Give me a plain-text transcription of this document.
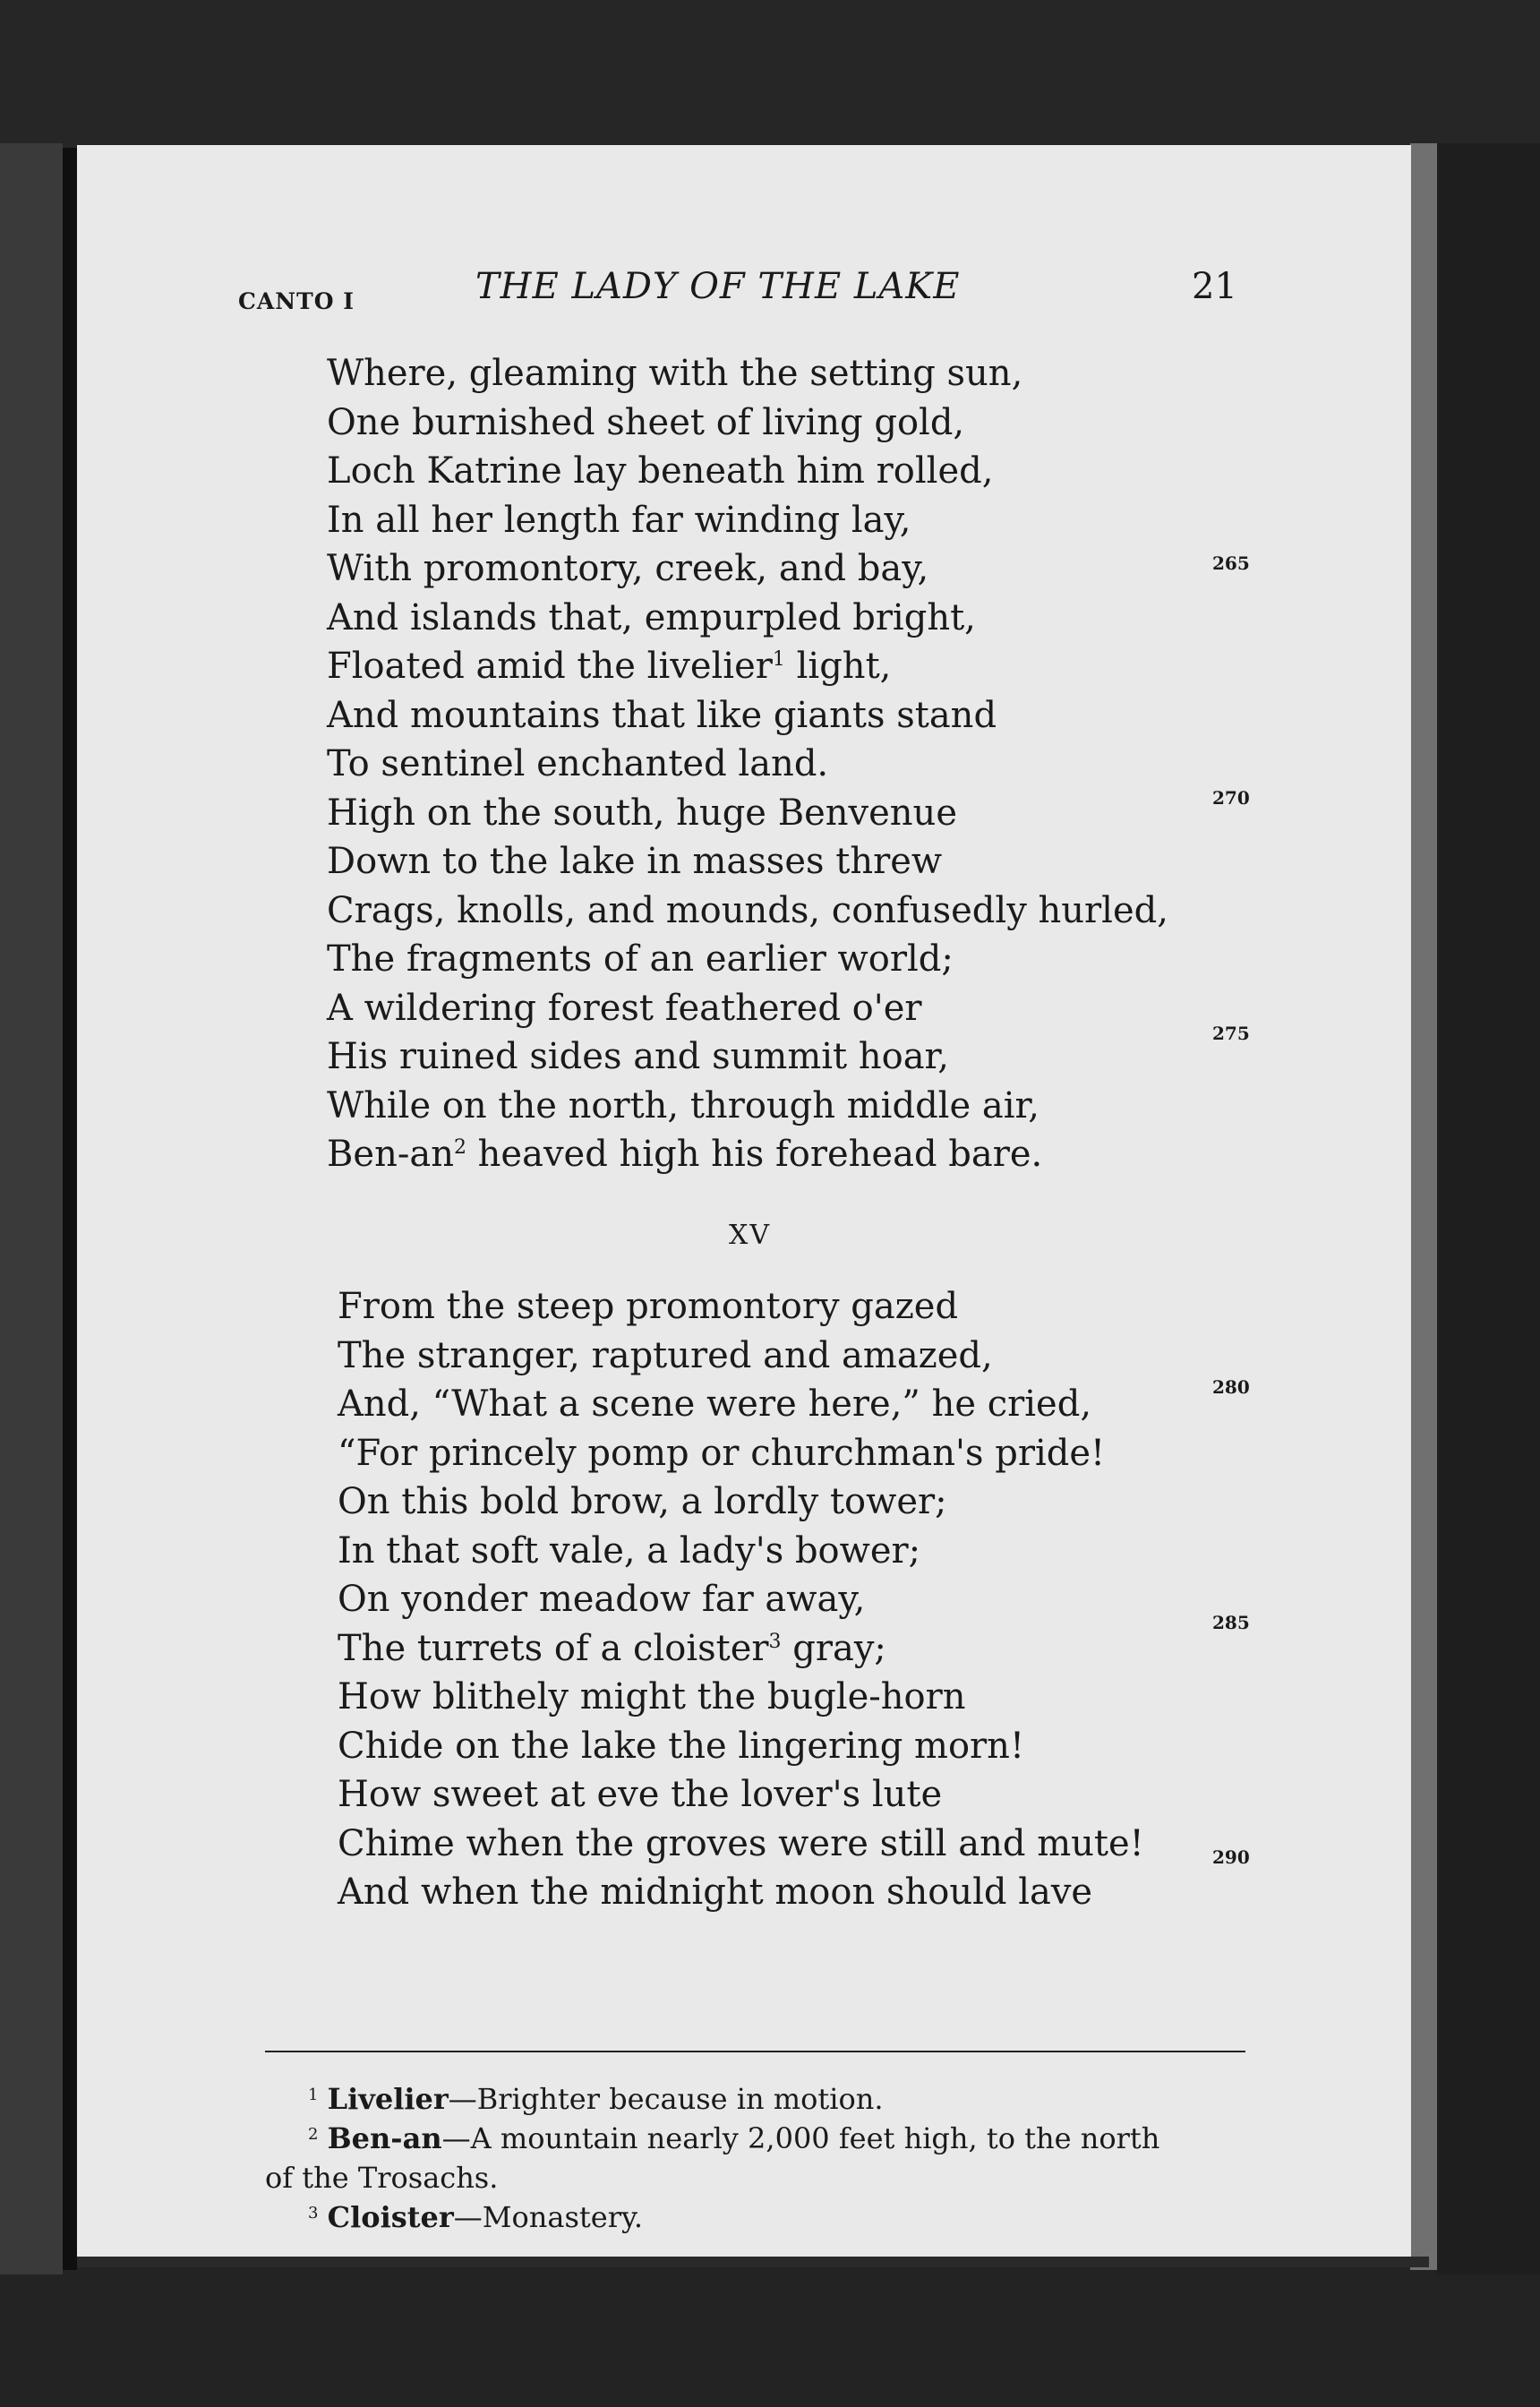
CANTO I	THE LADY OF THE LAKE	21
Where, gleaming with the setting sun,
One burnished sheet of living gold,
Loch Katrine lay beneath him rolled,
In all her length far winding lay,
With promontory, creek, and bay,
And islands that, empurpled bright,
Floated amid the livelier$^1$ light,
And mountains that like giants stand
To sentinel enchanted land.
High on the south, huge Benvenue
Down to the lake in masses threw
Crags, knolls, and mounds, confusedly hurled,
The fragments of an earlier world;
A wildering forest feathered o'er
His ruined sides and summit hoar,
While on the north, through middle air,
Ben-$an^2$ heaved high his forehead bare.
XV
From the steep promontory gazed
The stranger, raptured and amazed,
And, “What a scene were here,” he cried,
“For princely pomp or churchman's pride!
On this bold brow, a lordly tower;
In that soft vale, a lady's bower;
On yonder meadow far away,
The turrets of a cloister$^3$ gray;
How blithely might the bugle-horn
Chide on the lake the lingering morn!
How sweet at eve the lover's lute
Chime when the groves were still and mute!
And when the midnight moon should lave
265
270
275
280
285
290
$^1$ Livelier—Brighter because in motion.
$^2$ Ben-an—A mountain nearly 2,000 feet high, to the north
of the Trosachs.
$^3$ Cloister—Monastery.
